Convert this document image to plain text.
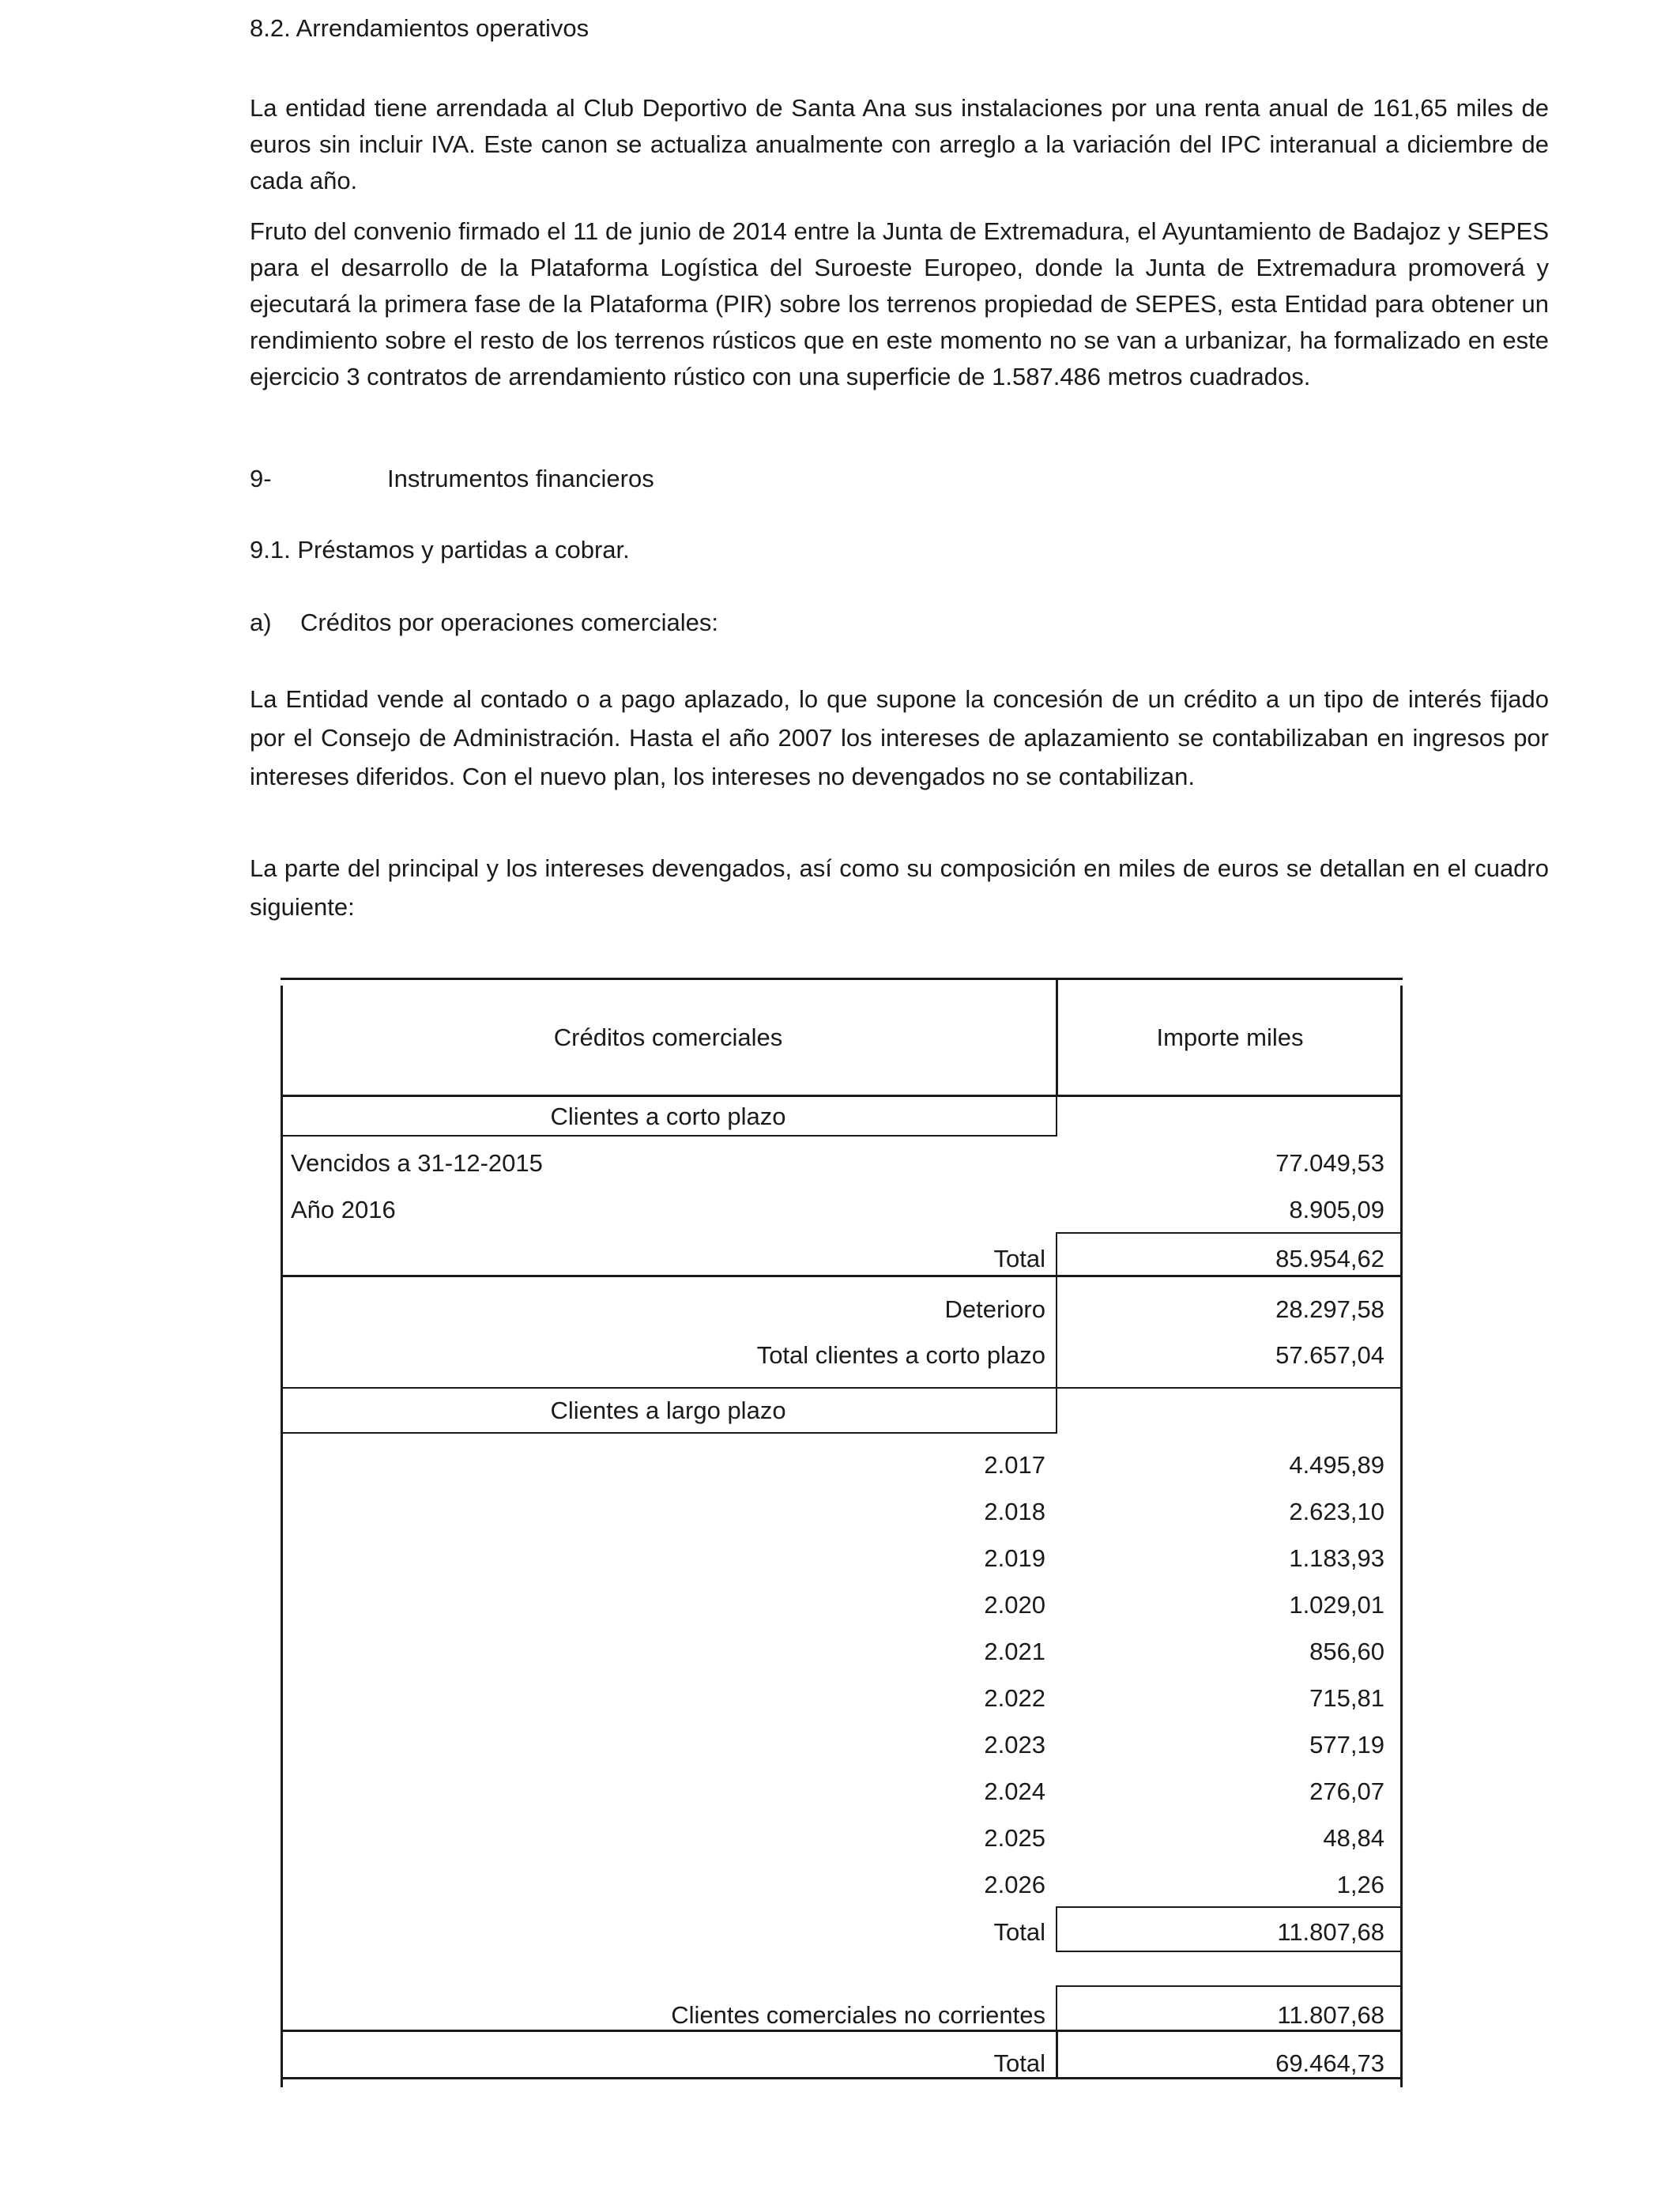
8.2. Arrendamientos operativos
La entidad tiene arrendada al Club Deportivo de Santa Ana sus instalaciones por una renta anual de 161,65 miles de euros sin incluir IVA. Este canon se actualiza anualmente con arreglo a la variación del IPC interanual a diciembre de cada año.
Fruto del convenio firmado el 11 de junio de 2014 entre la Junta de Extremadura, el Ayuntamiento de Badajoz y SEPES para el desarrollo de la Plataforma Logística del Suroeste Europeo, donde la Junta de Extremadura promoverá y ejecutará la primera fase de la Plataforma (PIR) sobre los terrenos propiedad de SEPES, esta Entidad para obtener un rendimiento sobre el resto de los terrenos rústicos que en este momento no se van a urbanizar, ha formalizado en este ejercicio 3 contratos de arrendamiento rústico con una superficie de 1.587.486 metros cuadrados.
9-	Instrumentos financieros
9.1. Préstamos y partidas a cobrar.
a) Créditos por operaciones comerciales:
La Entidad vende al contado o a pago aplazado, lo que supone la concesión de un crédito a un tipo de interés fijado por el Consejo de Administración. Hasta el año 2007 los intereses de aplazamiento se contabilizaban en ingresos por intereses diferidos. Con el nuevo plan, los intereses no devengados no se contabilizan.
La parte del principal y los intereses devengados, así como su composición en miles de euros se detallan en el cuadro siguiente:
Créditos comerciales	Importe miles
Clientes a corto plazo
Vencidos a 31-12-2015	77.049,53
Año 2016	8.905,09
Total	85.954,62
Deterioro	28.297,58
Total clientes a corto plazo	57.657,04
Clientes a largo plazo
2.017	4.495,89
2.018	2.623,10
2.019	1.183,93
2.020	1.029,01
2.021	856,60
2.022	715,81
2.023	577,19
2.024	276,07
2.025	48,84
2.026	1,26
Total	11.807,68
Clientes comerciales no corrientes	11.807,68
Total	69.464,73
